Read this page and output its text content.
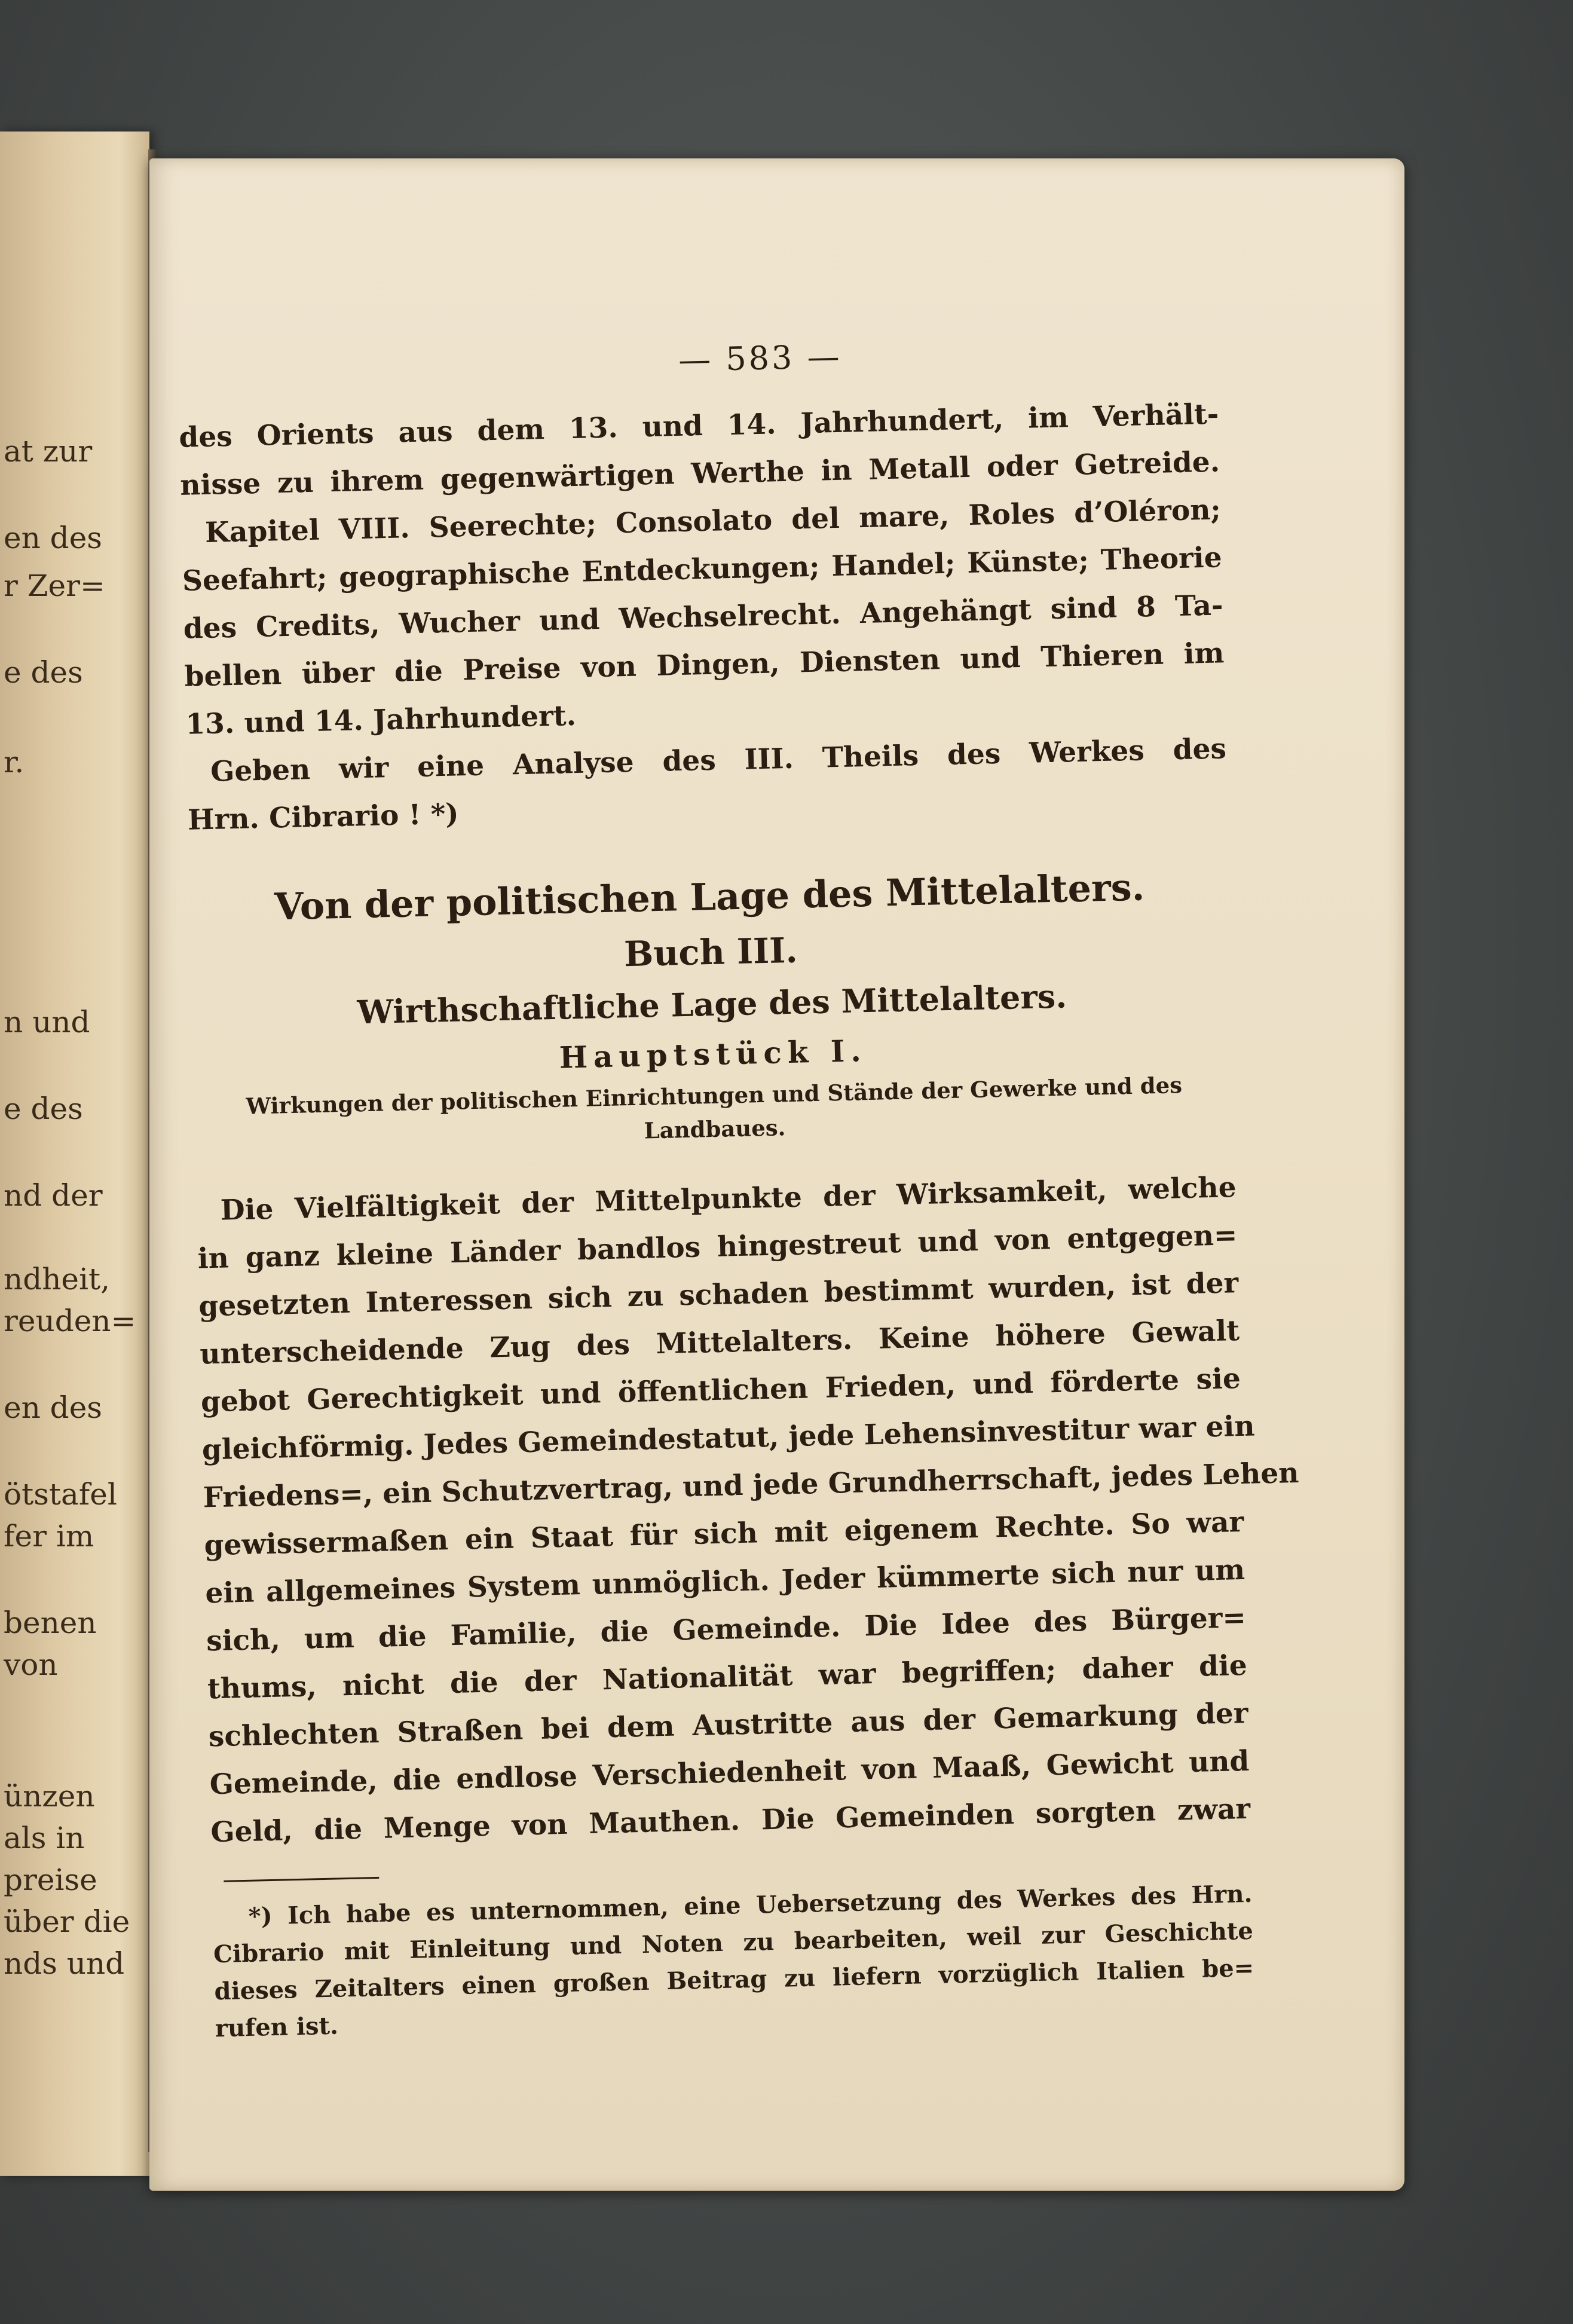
at zur
en des
r Zer=
e des
r.
n und
e des
nd der
ndheit,
reuden=
en des
ötstafel
fer im
benen
von
ünzen
als in
preise
über die
nds und
— 583 —
des Orients aus dem 13. und 14. Jahrhundert, im Verhält-
nisse zu ihrem gegenwärtigen Werthe in Metall oder Getreide.
Kapitel VIII. Seerechte; Consolato del mare, Roles d’Oléron;
Seefahrt; geographische Entdeckungen; Handel; Künste; Theorie
des Credits, Wucher und Wechselrecht. Angehängt sind 8 Ta-
bellen über die Preise von Dingen, Diensten und Thieren im
13. und 14. Jahrhundert.
Geben wir eine Analyse des III. Theils des Werkes des
Hrn. Cibrario ! *)
Von der politischen Lage des Mittelalters.
Buch III.
Wirthschaftliche Lage des Mittelalters.
Hauptstück I.
Wirkungen der politischen Einrichtungen und Stände der Gewerke und des
Landbaues.
Die Vielfältigkeit der Mittelpunkte der Wirksamkeit, welche
in ganz kleine Länder bandlos hingestreut und von entgegen=
gesetzten Interessen sich zu schaden bestimmt wurden, ist der
unterscheidende Zug des Mittelalters. Keine höhere Gewalt
gebot Gerechtigkeit und öffentlichen Frieden, und förderte sie
gleichförmig. Jedes Gemeindestatut, jede Lehensinvestitur war ein
Friedens=, ein Schutzvertrag, und jede Grundherrschaft, jedes Lehen
gewissermaßen ein Staat für sich mit eigenem Rechte. So war
ein allgemeines System unmöglich. Jeder kümmerte sich nur um
sich, um die Familie, die Gemeinde. Die Idee des Bürger=
thums, nicht die der Nationalität war begriffen; daher die
schlechten Straßen bei dem Austritte aus der Gemarkung der
Gemeinde, die endlose Verschiedenheit von Maaß, Gewicht und
Geld, die Menge von Mauthen. Die Gemeinden sorgten zwar
*) Ich habe es unternommen, eine Uebersetzung des Werkes des Hrn.
Cibrario mit Einleitung und Noten zu bearbeiten, weil zur Geschichte
dieses Zeitalters einen großen Beitrag zu liefern vorzüglich Italien be=
rufen ist.
